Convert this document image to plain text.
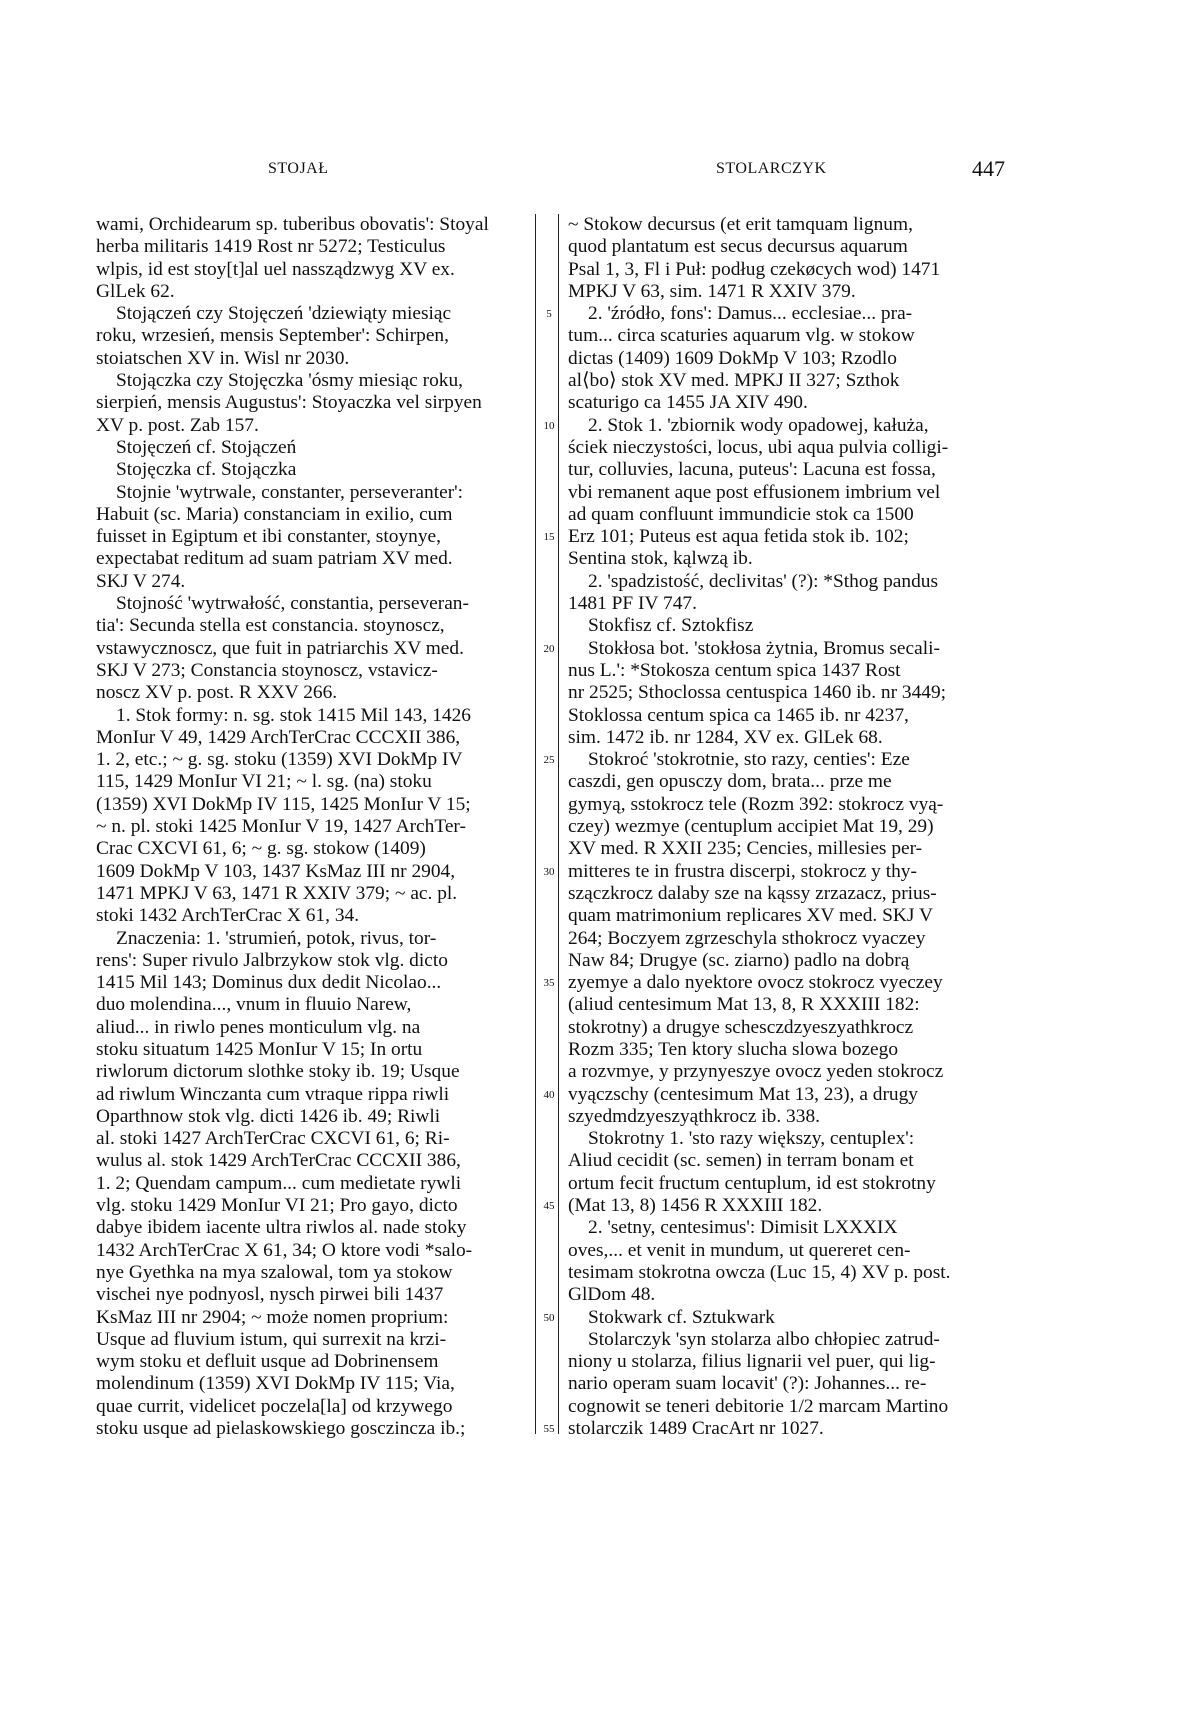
STOJAŁ	STOLARCZYK	447
wami, Orchidearum sp. tuberibus obovatis': Stoyal
herba militaris 1419 Rost nr 5272; Testiculus
wlpis, id est stoy[t]al uel nassządzwyg XV ex.
GlLek 62.
Stojączeń czy Stojęczeń 'dziewiąty miesiąc
roku, wrzesień, mensis September': Schirpen,
stoiatschen XV in. Wisl nr 2030.
Stojączka czy Stojęczka 'ósmy miesiąc roku,
sierpień, mensis Augustus': Stoyaczka vel sirpyen
XV p. post. Zab 157.
Stojęczeń cf. Stojączeń
Stojęczka cf. Stojączka
Stojnie 'wytrwale, constanter, perseveranter':
Habuit (sc. Maria) constanciam in exilio, cum
fuisset in Egiptum et ibi constanter, stoynye,
expectabat reditum ad suam patriam XV med.
SKJ V 274.
Stojność 'wytrwałość, constantia, perseveran-
tia': Secunda stella est constancia. stoynoscz,
vstawycznoscz, que fuit in patriarchis XV med.
SKJ V 273; Constancia stoynoscz, vstavicz-
noscz XV p. post. R XXV 266.
1. Stok formy: n. sg. stok 1415 Mil 143, 1426
MonIur V 49, 1429 ArchTerCrac CCCXII 386,
1. 2, etc.; ~ g. sg. stoku (1359) XVI DokMp IV
115, 1429 MonIur VI 21; ~ l. sg. (na) stoku
(1359) XVI DokMp IV 115, 1425 MonIur V 15;
~ n. pl. stoki 1425 MonIur V 19, 1427 ArchTer-
Crac CXCVI 61, 6; ~ g. sg. stokow (1409)
1609 DokMp V 103, 1437 KsMaz III nr 2904,
1471 MPKJ V 63, 1471 R XXIV 379; ~ ac. pl.
stoki 1432 ArchTerCrac X 61, 34.
Znaczenia: 1. 'strumień, potok, rivus, tor-
rens': Super rivulo Jalbrzykow stok vlg. dicto
1415 Mil 143; Dominus dux dedit Nicolao...
duo molendina..., vnum in fluuio Narew,
aliud... in riwlo penes monticulum vlg. na
stoku situatum 1425 MonIur V 15; In ortu
riwlorum dictorum slothke stoky ib. 19; Usque
ad riwlum Winczanta cum vtraque rippa riwli
Oparthnow stok vlg. dicti 1426 ib. 49; Riwli
al. stoki 1427 ArchTerCrac CXCVI 61, 6; Ri-
wulus al. stok 1429 ArchTerCrac CCCXII 386,
1. 2; Quendam campum... cum medietate rywli
vlg. stoku 1429 MonIur VI 21; Pro gayo, dicto
dabye ibidem iacente ultra riwlos al. nade stoky
1432 ArchTerCrac X 61, 34; O ktore vodi *salo-
nye Gyethka na mya szalowal, tom ya stokow
vischei nye podnyosl, nysch pirwei bili 1437
KsMaz III nr 2904; ~ może nomen proprium:
Usque ad fluvium istum, qui surrexit na krzi-
wym stoku et defluit usque ad Dobrinensem
molendinum (1359) XVI DokMp IV 115; Via,
quae currit, videlicet poczela[la] od krzywego
stoku usque ad pielaskowskiego gosczincza ib.;
5
10
15
20
25
30
35
40
45
50
55
~ Stokow decursus (et erit tamquam lignum,
quod plantatum est secus decursus aquarum
Psal 1, 3, Fl i Puł: podług czekøcych wod) 1471
MPKJ V 63, sim. 1471 R XXIV 379.
2. 'źródło, fons': Damus... ecclesiae... pra-
tum... circa scaturies aquarum vlg. w stokow
dictas (1409) 1609 DokMp V 103; Rzodlo
al⟨bo⟩ stok XV med. MPKJ II 327; Szthok
scaturigo ca 1455 JA XIV 490.
2. Stok 1. 'zbiornik wody opadowej, kałuża,
ściek nieczystości, locus, ubi aqua pulvia colligi-
tur, colluvies, lacuna, puteus': Lacuna est fossa,
vbi remanent aque post effusionem imbrium vel
ad quam confluunt immundicie stok ca 1500
Erz 101; Puteus est aqua fetida stok ib. 102;
Sentina stok, kąlwzą ib.
2. 'spadzistość, declivitas' (?): *Sthog pandus
1481 PF IV 747.
Stokfisz cf. Sztokfisz
Stokłosa bot. 'stokłosa żytnia, Bromus secali-
nus L.': *Stokosza centum spica 1437 Rost
nr 2525; Sthoclossa centuspica 1460 ib. nr 3449;
Stoklossa centum spica ca 1465 ib. nr 4237,
sim. 1472 ib. nr 1284, XV ex. GlLek 68.
Stokroć 'stokrotnie, sto razy, centies': Eze
caszdi, gen opusczy dom, brata... prze me
gymyą, sstokrocz tele (Rozm 392: stokrocz vyą-
czey) wezmye (centuplum accipiet Mat 19, 29)
XV med. R XXII 235; Cencies, millesies per-
mitteres te in frustra discerpi, stokrocz y thy-
sząсzkrocz dalaby sze na kąssy zrzazacz, prius-
quam matrimonium replicares XV med. SKJ V
264; Boczyem zgrzeschyla sthokrocz vyaczey
Naw 84; Drugye (sc. ziarno) padlo na dobrą
zyemye a dalo nyektore ovocz stokrocz vyeczey
(aliud centesimum Mat 13, 8, R XXXIII 182:
stokrotny) a drugye schesczdzyeszyathkrocz
Rozm 335; Ten ktory slucha slowa bozego
a rozvmye, y przynyeszye ovocz yeden stokrocz
vyączschy (centesimum Mat 13, 23), a drugy
szyedmdzyeszyąthkrocz ib. 338.
Stokrotny 1. 'sto razy większy, centuplex':
Aliud cecidit (sc. semen) in terram bonam et
ortum fecit fructum centuplum, id est stokrotny
(Mat 13, 8) 1456 R XXXIII 182.
2. 'setny, centesimus': Dimisit LXXXIX
oves,... et venit in mundum, ut quereret cen-
tesimam stokrotna owcza (Luc 15, 4) XV p. post.
GlDom 48.
Stokwark cf. Sztukwark
Stolarczyk 'syn stolarza albo chłopiec zatrud-
niony u stolarza, filius lignarii vel puer, qui lig-
nario operam suam locavit' (?): Johannes... re-
cognowit se teneri debitorie 1/2 marcam Martino
stolarczik 1489 CracArt nr 1027.
